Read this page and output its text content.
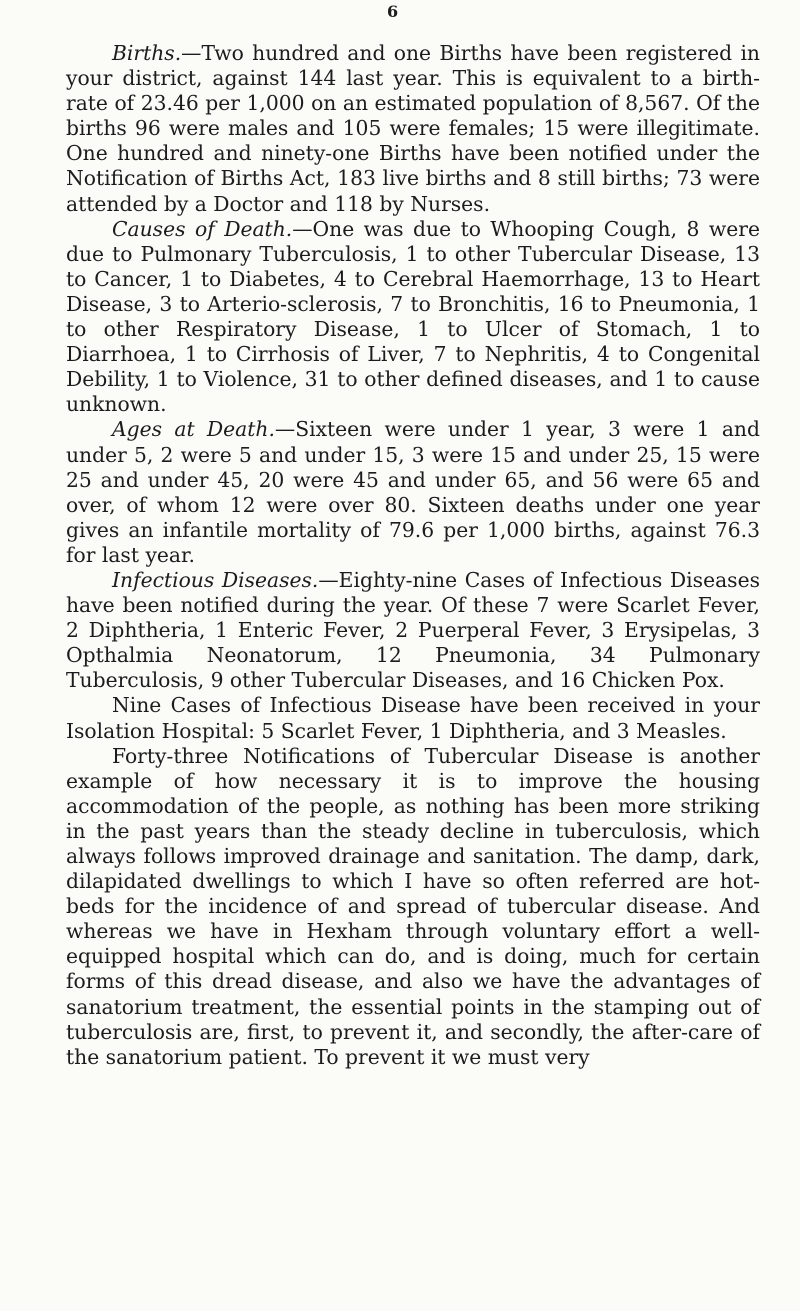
6

Births.—Two hundred and one Births have been registered in your district, against 144 last year. This is equivalent to a birth-rate of 23.46 per 1,000 on an estimated population of 8,567. Of the births 96 were males and 105 were females; 15 were illegitimate. One hundred and ninety-one Births have been notified under the Notification of Births Act, 183 live births and 8 still births; 73 were attended by a Doctor and 118 by Nurses.

Causes of Death.—One was due to Whooping Cough, 8 were due to Pulmonary Tuberculosis, 1 to other Tubercular Disease, 13 to Cancer, 1 to Diabetes, 4 to Cerebral Haemorrhage, 13 to Heart Disease, 3 to Arterio-sclerosis, 7 to Bronchitis, 16 to Pneumonia, 1 to other Respiratory Disease, 1 to Ulcer of Stomach, 1 to Diarrhoea, 1 to Cirrhosis of Liver, 7 to Nephritis, 4 to Congenital Debility, 1 to Violence, 31 to other defined diseases, and 1 to cause unknown.

Ages at Death.—Sixteen were under 1 year, 3 were 1 and under 5, 2 were 5 and under 15, 3 were 15 and under 25, 15 were 25 and under 45, 20 were 45 and under 65, and 56 were 65 and over, of whom 12 were over 80. Sixteen deaths under one year gives an infantile mortality of 79.6 per 1,000 births, against 76.3 for last year.

Infectious Diseases.—Eighty-nine Cases of Infectious Diseases have been notified during the year. Of these 7 were Scarlet Fever, 2 Diphtheria, 1 Enteric Fever, 2 Puerperal Fever, 3 Erysipelas, 3 Opthalmia Neonatorum, 12 Pneumonia, 34 Pulmonary Tuberculosis, 9 other Tubercular Diseases, and 16 Chicken Pox.

Nine Cases of Infectious Disease have been received in your Isolation Hospital: 5 Scarlet Fever, 1 Diphtheria, and 3 Measles.

Forty-three Notifications of Tubercular Disease is another example of how necessary it is to improve the housing accommodation of the people, as nothing has been more striking in the past years than the steady decline in tuberculosis, which always follows improved drainage and sanitation. The damp, dark, dilapidated dwellings to which I have so often referred are hot-beds for the incidence of and spread of tubercular disease. And whereas we have in Hexham through voluntary effort a well-equipped hospital which can do, and is doing, much for certain forms of this dread disease, and also we have the advantages of sanatorium treatment, the essential points in the stamping out of tuberculosis are, first, to prevent it, and secondly, the after-care of the sanatorium patient. To prevent it we must very
